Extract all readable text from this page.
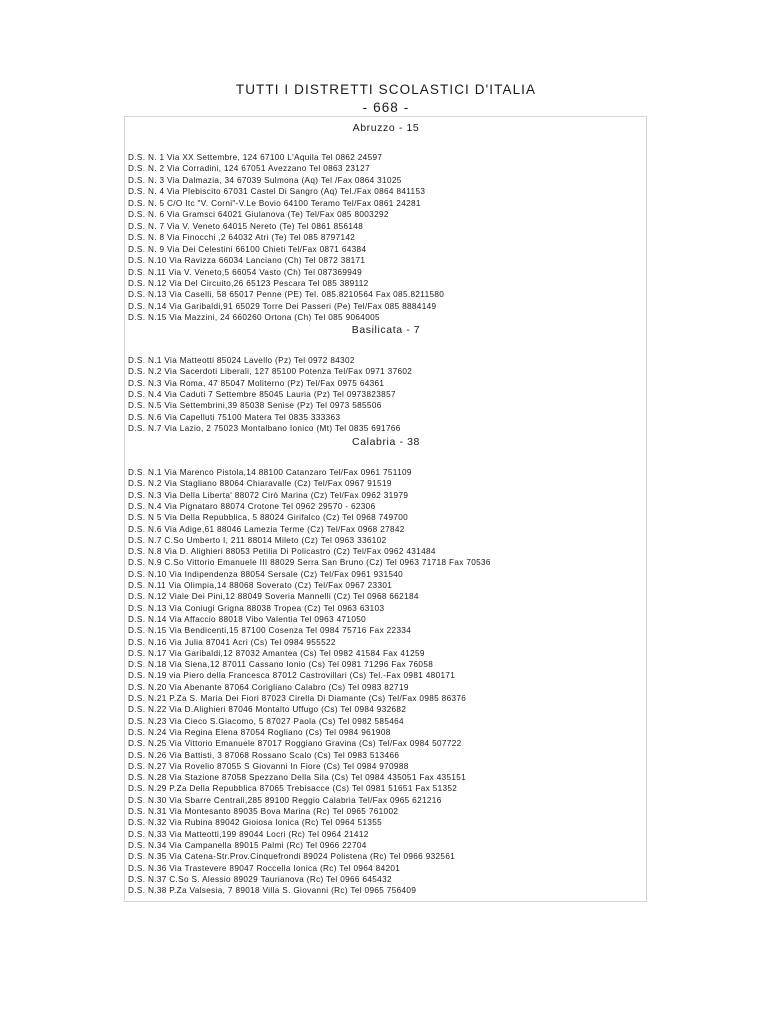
TUTTI I DISTRETTI SCOLASTICI D'ITALIA
- 668 -
Abruzzo - 15
D.S. N. 1 Via XX Settembre, 124 67100 L'Aquila Tel 0862 24597
D.S. N. 2 Via Corradini, 124 67051 Avezzano Tel 0863 23127
D.S. N. 3 Via Dalmazia, 34 67039 Sulmona (Aq) Tel /Fax 0864 31025
D.S. N. 4 Via Plebiscito 67031 Castel Di Sangro (Aq) Tel./Fax 0864 841153
D.S. N. 5 C/O Itc "V. Corni"-V.Le Bovio 64100 Teramo Tel/Fax 0861 24281
D.S. N. 6 Via Gramsci 64021 Giulanova (Te) Tel/Fax 085 8003292
D.S. N. 7 Via V. Veneto 64015 Nereto (Te) Tel 0861 856148
D.S. N. 8 Via Finocchi ,2 64032 Atri (Te) Tel 085 8797142
D.S. N. 9 Via Dei Celestini 66100 Chieti Tel/Fax 0871 64384
D.S. N.10 Via Ravizza 66034 Lanciano (Ch) Tel 0872 38171
D.S. N.11 Via V. Veneto,5 66054 Vasto (Ch) Tel 087369949
D.S. N.12 Via Del Circuito,26 65123 Pescara Tel 085 389112
D.S. N.13 Via Caselli, 58 65017 Penne (PE) Tel. 085.8210564 Fax 085.8211580
D.S. N.14 Via Garibaldi,91 65029 Torre Dei Passeri (Pe) Tel/Fax 085 8884149
D.S. N.15 Via Mazzini, 24 660260 Ortona (Ch) Tel 085 9064005
Basilicata - 7
D.S. N.1 Via Matteotti 85024 Lavello (Pz) Tel 0972 84302
D.S. N.2 Via Sacerdoti Liberali, 127 85100 Potenza Tel/Fax 0971 37602
D.S. N.3 Via Roma, 47 85047 Moliterno (Pz) Tel/Fax 0975 64361
D.S. N.4 Via Caduti 7 Settembre 85045 Lauria (Pz) Tel 0973823857
D.S. N.5 Via Settembrini,39 85038 Senise (Pz) Tel 0973 585506
D.S. N.6 Via Capelluti 75100 Matera Tel 0835 333363
D.S. N.7 Via Lazio, 2 75023 Montalbano Ionico (Mt) Tel 0835 691766
Calabria - 38
D.S. N.1 Via Marenco Pistola,14 88100 Catanzaro Tel/Fax 0961 751109
D.S. N.2 Via Stagliano 88064 Chiaravalle (Cz) Tel/Fax 0967 91519
D.S. N.3 Via Della Liberta' 88072 Cirò Marina (Cz) Tel/Fax 0962 31979
D.S. N.4 Via Pignataro 88074 Crotone Tel 0962 29570 - 62306
D.S. N 5 Via Della Repubblica, 5 88024 Girifalco (Cz) Tel 0968 749700
D.S. N.6 Via Adige,61 88046 Lamezia Terme (Cz) Tel/Fax 0968 27842
D.S. N.7 C.So Umberto I, 211 88014 Mileto (Cz) Tel 0963 336102
D.S. N.8 Via D. Alighieri 88053 Petilia Di Policastro (Cz) Tel/Fax 0962 431484
D.S. N.9 C.So Vittorio Emanuele III 88029 Serra San Bruno (Cz) Tel 0963 71718 Fax 70536
D.S. N.10 Via Indipendenza 88054 Sersale (Cz) Tel/Fax 0961 931540
D.S. N.11 Via Olimpia,14 88068 Soverato (Cz) Tel/Fax 0967 23301
D.S. N.12 Viale Dei Pini,12 88049 Soveria Mannelli (Cz) Tel 0968 662184
D.S. N.13 Via Coniugi Grigna 88038 Tropea (Cz) Tel 0963 63103
D.S. N.14 Via Affaccio 88018 Vibo Valentia Tel 0963 471050
D.S. N.15 Via Bendicenti,15 87100 Cosenza Tel 0984 75716 Fax 22334
D.S. N.16 Via Julia 87041 Acri (Cs) Tel 0984 955522
D.S. N.17 Via Garibaldi,12 87032 Amantea (Cs) Tel 0982 41584 Fax 41259
D.S. N.18 Via Siena,12 87011 Cassano Ionio (Cs) Tel 0981 71296 Fax 76058
D.S. N.19 via Piero della Francesca 87012 Castrovillari (Cs) Tel.-Fax 0981 480171
D.S. N.20 Via Abenante 87064 Corigliano Calabro (Cs) Tel 0983 82719
D.S. N.21 P.Za S. Maria Dei Fiori 87023 Cirella Di Diamante (Cs) Tel/Fax 0985 86376
D.S. N.22 Via D.Alighieri 87046 Montalto Uffugo (Cs) Tel 0984 932682
D.S. N.23 Via Cieco S.Giacomo, 5 87027 Paola (Cs) Tel 0982 585464
D.S. N.24 Via Regina Elena 87054 Rogliano (Cs) Tel 0984 961908
D.S. N.25 Via Vittorio Emanuele 87017 Roggiano Gravina (Cs) Tel/Fax 0984 507722
D.S. N.26 Via Battisti, 3 87068 Rossano Scalo (Cs) Tel 0983 513466
D.S. N.27 Via Rovelio 87055 S Giovanni In Fiore (Cs) Tel 0984 970988
D.S. N.28 Via Stazione 87058 Spezzano Della Sila (Cs) Tel 0984 435051 Fax 435151
D.S. N.29 P.Za Della Repubblica 87065 Trebisacce (Cs) Tel 0981 51651 Fax 51352
D.S. N.30 Via Sbarre Centrali,285 89100 Reggio Calabria Tel/Fax 0965 621216
D.S. N.31 Via Montesanto 89035 Bova Marina (Rc) Tel 0965 761002
D.S. N.32 Via Rubina 89042 Gioiosa Ionica (Rc) Tel 0964 51355
D.S. N.33 Via Matteotti,199 89044 Locri (Rc) Tel 0964 21412
D.S. N.34 Via Campanella 89015 Palmi (Rc) Tel 0966 22704
D.S. N.35 Via Catena-Str.Prov.Cinquefrondi 89024 Polistena (Rc) Tel 0966 932561
D.S. N.36 Via Trastevere 89047 Roccella Ionica (Rc) Tel 0964 84201
D.S. N.37 C.So S. Alessio 89029 Taurianova (Rc) Tel 0966 645432
D.S. N.38 P.Za Valsesia, 7 89018 Villa S. Giovanni (Rc) Tel 0965 756409
